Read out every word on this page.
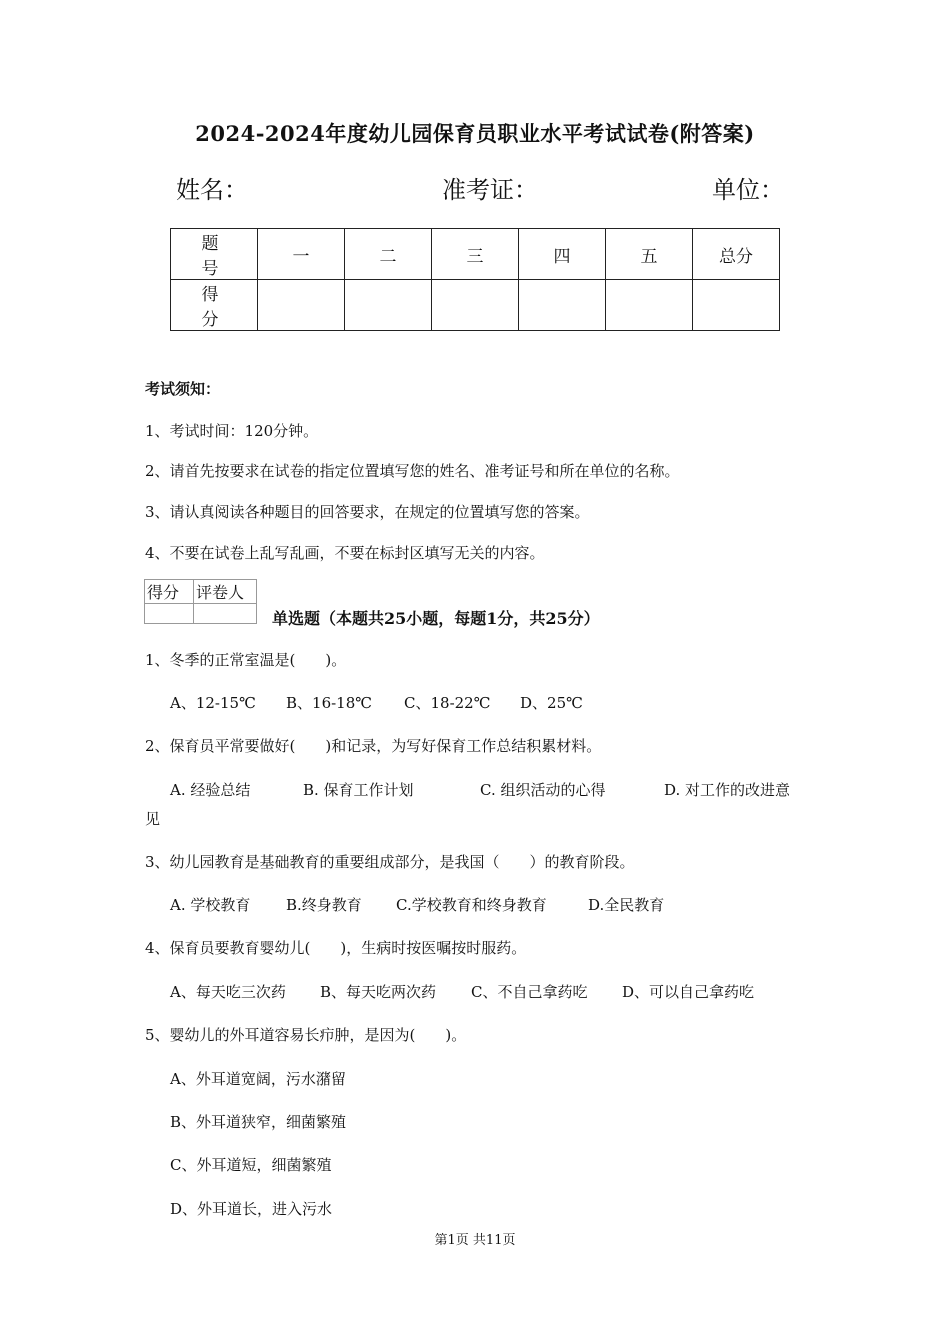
2024-2024年度幼儿园保育员职业水平考试试卷(附答案)
姓名：	准考证：	单位：
题　号	一	二	三	四	五	总分
得　分						
考试须知：
1、考试时间：120分钟。
2、请首先按要求在试卷的指定位置填写您的姓名、准考证号和所在单位的名称。
3、请认真阅读各种题目的回答要求，在规定的位置填写您的答案。
4、不要在试卷上乱写乱画，不要在标封区填写无关的内容。
得分	评卷人

单选题（本题共25小题，每题1分，共25分）
1、冬季的正常室温是(　　)。
A、12-15℃ B、16-18℃ C、18-22℃ D、25℃
2、保育员平常要做好(　　)和记录，为写好保育工作总结积累材料。
A. 经验总结	B. 保育工作计划	C. 组织活动的心得	D. 对工作的改进意
见
3、幼儿园教育是基础教育的重要组成部分，是我国（　　）的教育阶段。
A. 学校教育 B.终身教育 C.学校教育和终身教育	D.全民教育
4、保育员要教育婴幼儿(　　)，生病时按医嘱按时服药。
A、每天吃三次药 B、每天吃两次药 C、不自己拿药吃 D、可以自己拿药吃
5、婴幼儿的外耳道容易长疖肿，是因为(　　)。
A、外耳道宽阔，污水潴留
B、外耳道狭窄，细菌繁殖
C、外耳道短，细菌繁殖
D、外耳道长，进入污水
第1页 共11页
